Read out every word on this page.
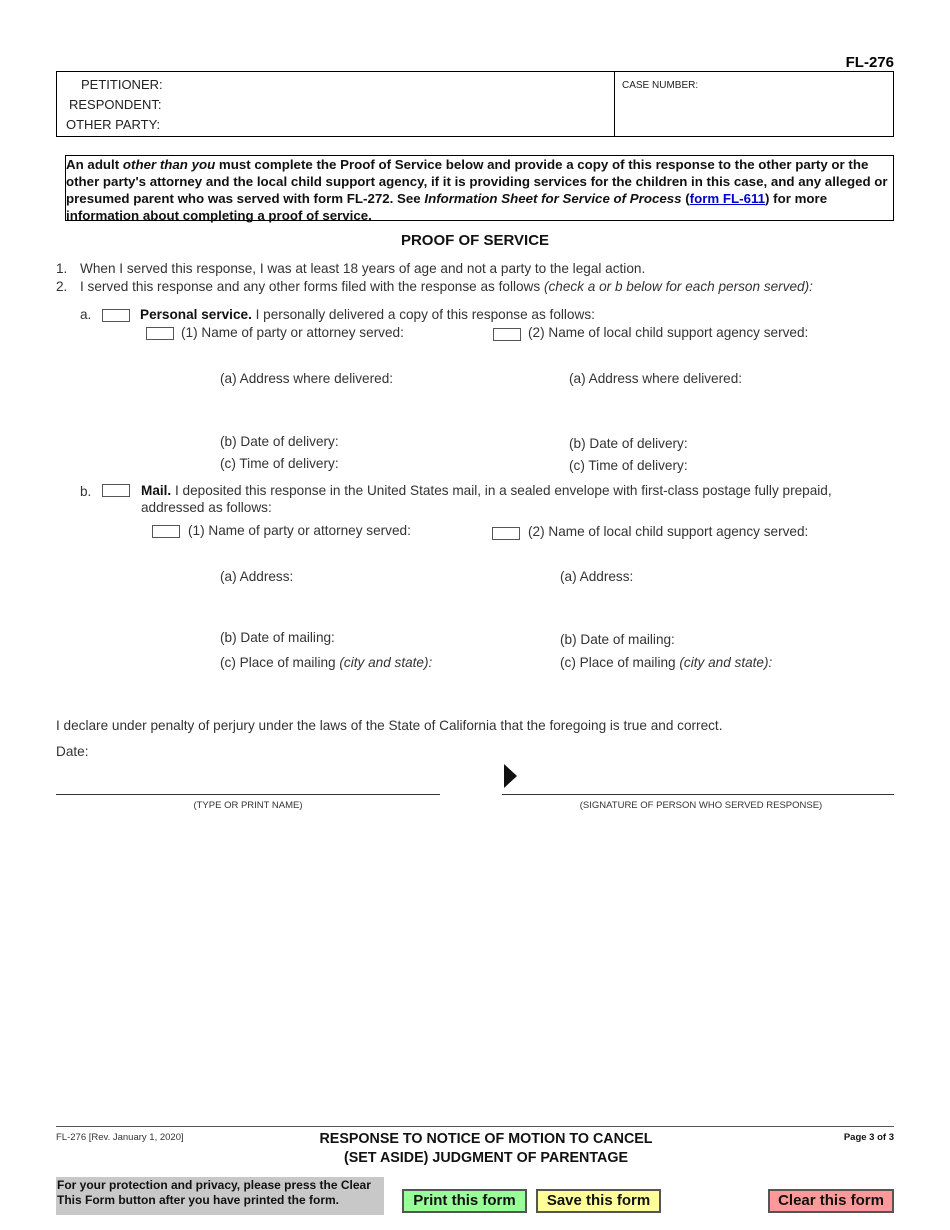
FL-276
PETITIONER:
RESPONDENT:
OTHER PARTY:
CASE NUMBER:
An adult other than you must complete the Proof of Service below and provide a copy of this response to the other party or the other party's attorney and the local child support agency, if it is providing services for the children in this case, and any alleged or presumed parent who was served with form FL-272. See Information Sheet for Service of Process (form FL-611) for more information about completing a proof of service.
PROOF OF SERVICE
1. When I served this response, I was at least 18 years of age and not a party to the legal action.
2. I served this response and any other forms filed with the response as follows (check a or b below for each person served):
a.	Personal service. I personally delivered a copy of this response as follows:
(1) Name of party or attorney served:	(2) Name of local child support agency served:
(a) Address where delivered:	(a) Address where delivered:
(b) Date of delivery:	(b) Date of delivery:
(c) Time of delivery:	(c) Time of delivery:
b.	Mail. I deposited this response in the United States mail, in a sealed envelope with first-class postage fully prepaid,
addressed as follows:
(1) Name of party or attorney served:	(2) Name of local child support agency served:
(a) Address:	(a) Address:
(b) Date of mailing:	(b) Date of mailing:
(c) Place of mailing (city and state):	(c) Place of mailing (city and state):
I declare under penalty of perjury under the laws of the State of California that the foregoing is true and correct.
Date:
(TYPE OR PRINT NAME)	(SIGNATURE OF PERSON WHO SERVED RESPONSE)
FL-276 [Rev. January 1, 2020]	RESPONSE TO NOTICE OF MOTION TO CANCEL
(SET ASIDE) JUDGMENT OF PARENTAGE
Page 3 of 3
For your protection and privacy, please press the Clear This Form button after you have printed the form.	Print this form	Save this form	Clear this form
